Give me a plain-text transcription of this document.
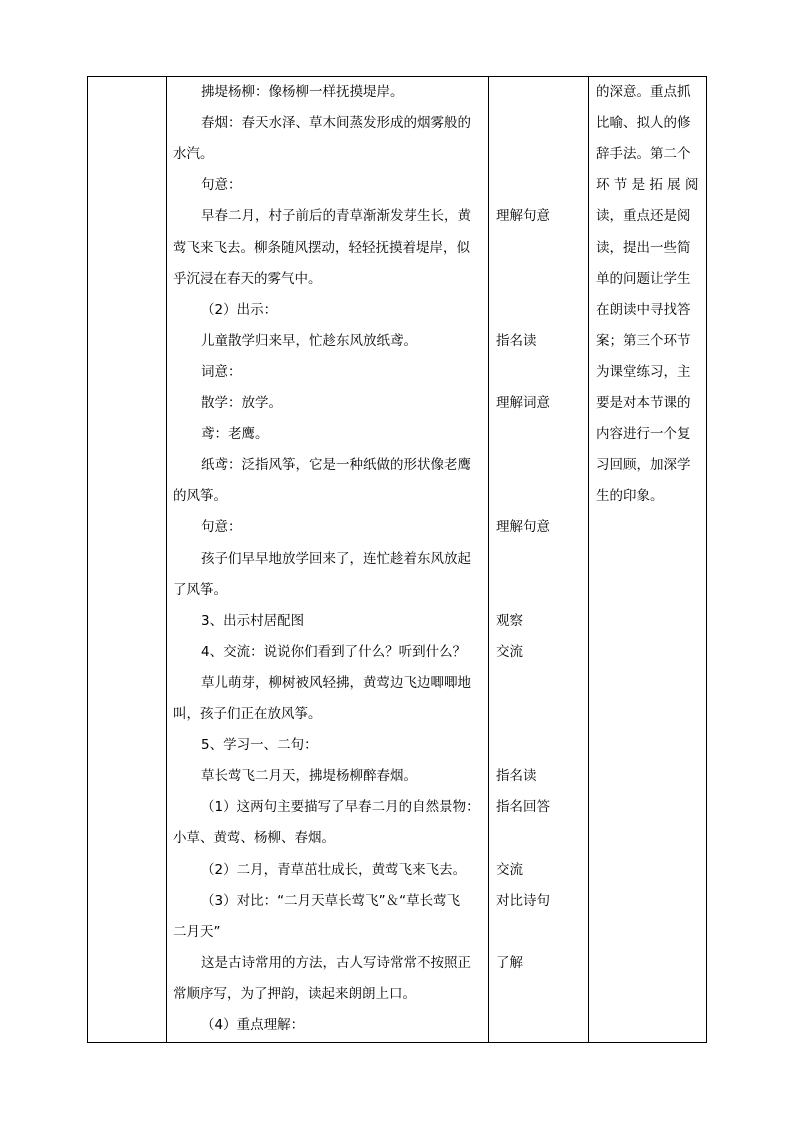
拂堤杨柳：像杨柳一样抚摸堤岸。
春烟：春天水泽、草木间蒸发形成的烟雾般的
水汽。
句意：
早春二月，村子前后的青草渐渐发芽生长，黄
莺飞来飞去。柳条随风摆动，轻轻抚摸着堤岸，似
乎沉浸在春天的雾气中。
（2）出示：
儿童散学归来早，忙趁东风放纸鸢。
词意：
散学：放学。
鸢：老鹰。
纸鸢：泛指风筝，它是一种纸做的形状像老鹰
的风筝。
句意：
孩子们早早地放学回来了，连忙趁着东风放起
了风筝。
3、出示村居配图
4、交流：说说你们看到了什么？听到什么？
草儿萌芽，柳树被风轻拂，黄莺边飞边唧唧地
叫，孩子们正在放风筝。
5、学习一、二句：
草长莺飞二月天，拂堤杨柳醉春烟。
（1）这两句主要描写了早春二月的自然景物：
小草、黄莺、杨柳、春烟。
（2）二月，青草茁壮成长，黄莺飞来飞去。
（3）对比：“二月天草长莺飞”＆“草长莺飞
二月天”
这是古诗常用的方法，古人写诗常常不按照正
常顺序写，为了押韵，读起来朗朗上口。
（4）重点理解：
理解句意
指名读
理解词意
理解句意
观察
交流
指名读
指名回答
交流
对比诗句
了解
的深意。重点抓
比喻、拟人的修
辞手法。第二个
环 节 是 拓 展 阅
读，重点还是阅
读，提出一些简
单的问题让学生
在朗读中寻找答
案；第三个环节
为课堂练习，主
要是对本节课的
内容进行一个复
习回顾，加深学
生的印象。
